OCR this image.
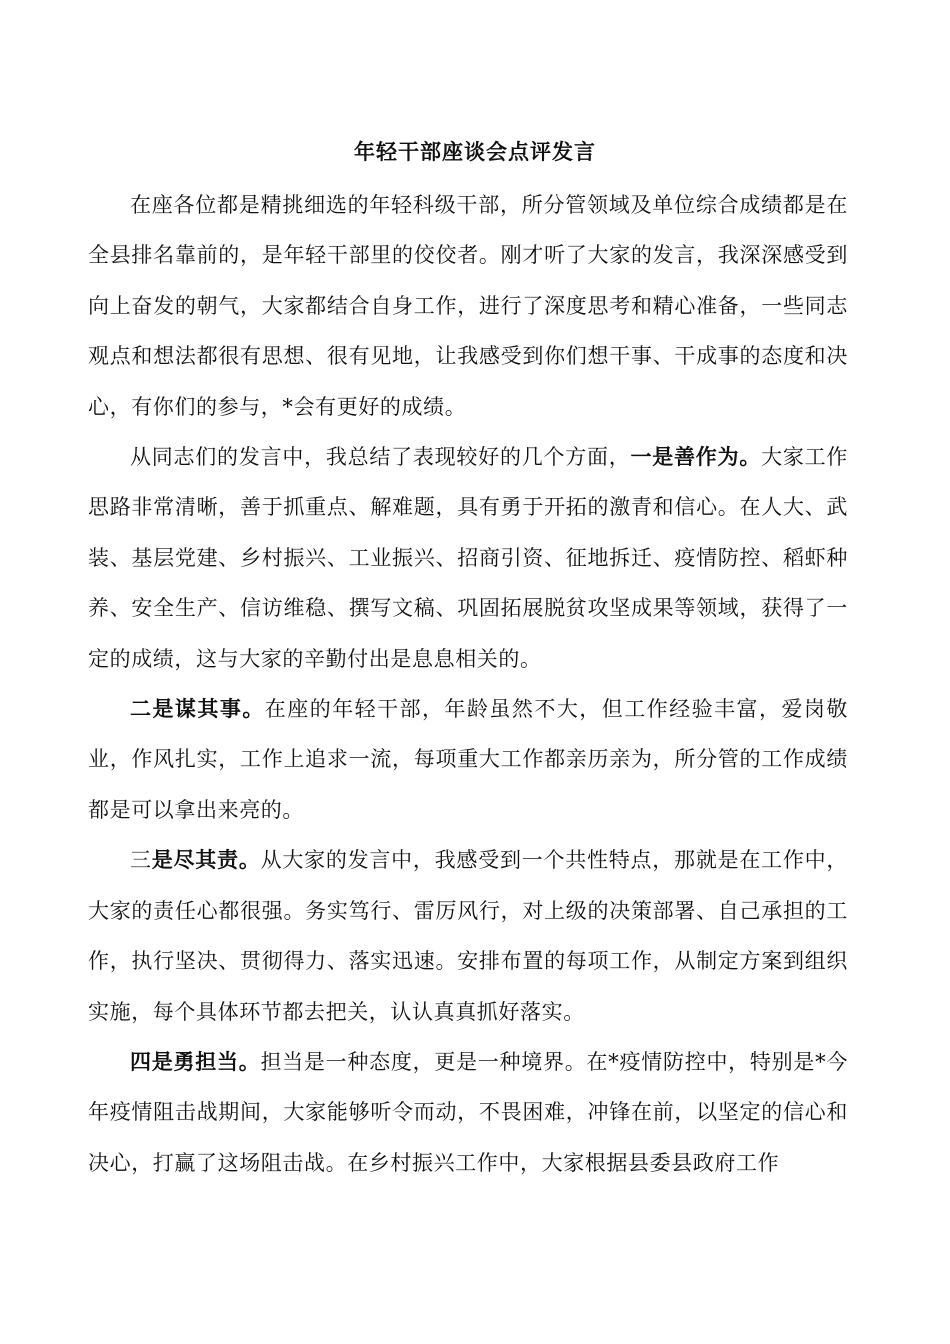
年轻干部座谈会点评发言

在座各位都是精挑细选的年轻科级干部，所分管领域及单位综合成绩都是在全县排名靠前的，是年轻干部里的佼佼者。刚才听了大家的发言，我深深感受到向上奋发的朝气，大家都结合自身工作，进行了深度思考和精心准备，一些同志观点和想法都很有思想、很有见地，让我感受到你们想干事、干成事的态度和决心，有你们的参与，*会有更好的成绩。

从同志们的发言中，我总结了表现较好的几个方面，一是善作为。大家工作思路非常清晰，善于抓重点、解难题，具有勇于开拓的激青和信心。在人大、武装、基层党建、乡村振兴、工业振兴、招商引资、征地拆迁、疫情防控、稻虾种养、安全生产、信访维稳、撰写文稿、巩固拓展脱贫攻坚成果等领域，获得了一定的成绩，这与大家的辛勤付出是息息相关的。

二是谋其事。在座的年轻干部，年龄虽然不大，但工作经验丰富，爱岗敬业，作风扎实，工作上追求一流，每项重大工作都亲历亲为，所分管的工作成绩都是可以拿出来亮的。

三是尽其责。从大家的发言中，我感受到一个共性特点，那就是在工作中，大家的责任心都很强。务实笃行、雷厉风行，对上级的决策部署、自己承担的工作，执行坚决、贯彻得力、落实迅速。安排布置的每项工作，从制定方案到组织实施，每个具体环节都去把关，认认真真抓好落实。

四是勇担当。担当是一种态度，更是一种境界。在*疫情防控中，特别是*今年疫情阻击战期间，大家能够听令而动，不畏困难，冲锋在前，以坚定的信心和决心，打赢了这场阻击战。在乡村振兴工作中，大家根据县委县政府工作
